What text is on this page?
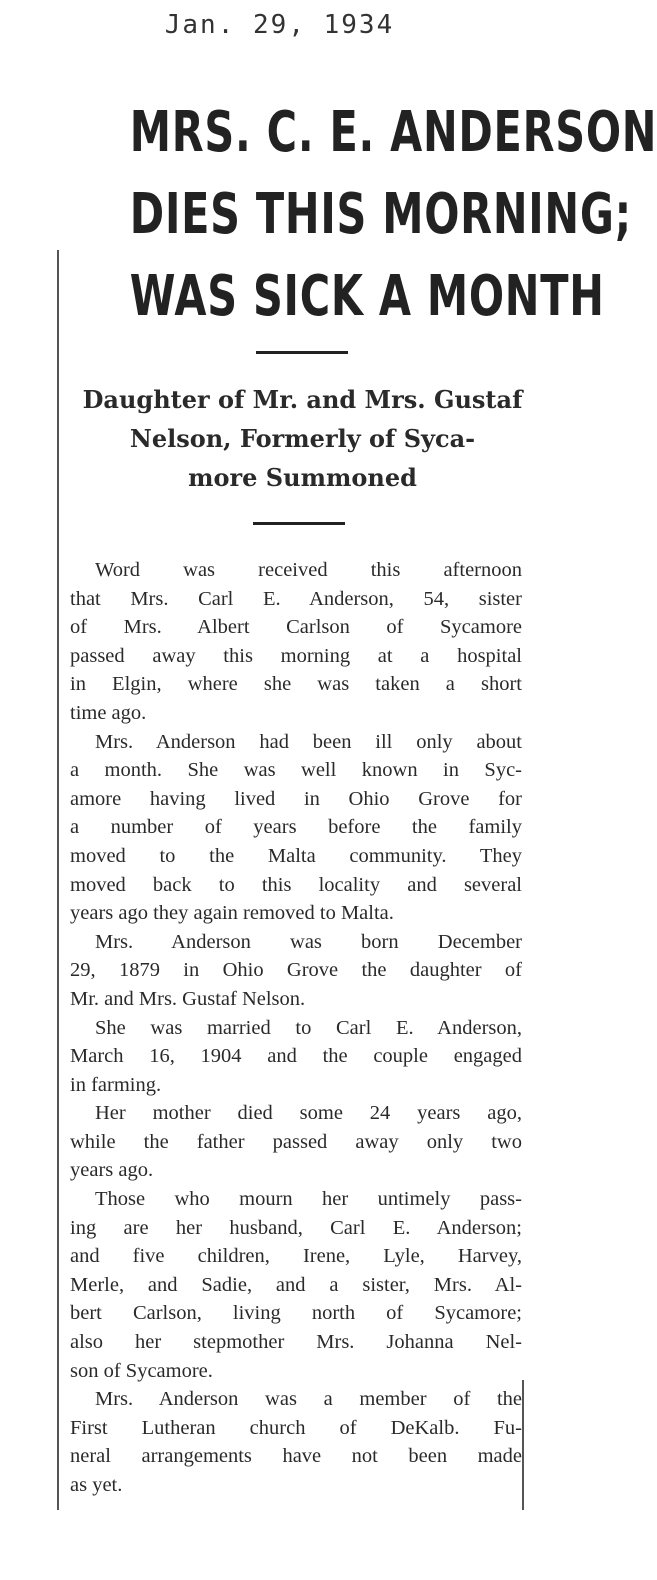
Jan. 29, 1934
MRS. C. E. ANDERSON
DIES THIS MORNING;
WAS SICK A MONTH
Daughter of Mr. and Mrs. Gustaf
Nelson, Formerly of Syca-
more Summoned
Word was received this afternoon
that Mrs. Carl E. Anderson, 54, sister
of Mrs. Albert Carlson of Sycamore
passed away this morning at a hospital
in Elgin, where she was taken a short
time ago.
Mrs. Anderson had been ill only about
a month. She was well known in Syc-
amore having lived in Ohio Grove for
a number of years before the family
moved to the Malta community. They
moved back to this locality and several
years ago they again removed to Malta.
Mrs. Anderson was born December
29, 1879 in Ohio Grove the daughter of
Mr. and Mrs. Gustaf Nelson.
She was married to Carl E. Anderson,
March 16, 1904 and the couple engaged
in farming.
Her mother died some 24 years ago,
while the father passed away only two
years ago.
Those who mourn her untimely pass-
ing are her husband, Carl E. Anderson;
and five children, Irene, Lyle, Harvey,
Merle, and Sadie, and a sister, Mrs. Al-
bert Carlson, living north of Sycamore;
also her stepmother Mrs. Johanna Nel-
son of Sycamore.
Mrs. Anderson was a member of the
First Lutheran church of DeKalb. Fu-
neral arrangements have not been made
as yet.
